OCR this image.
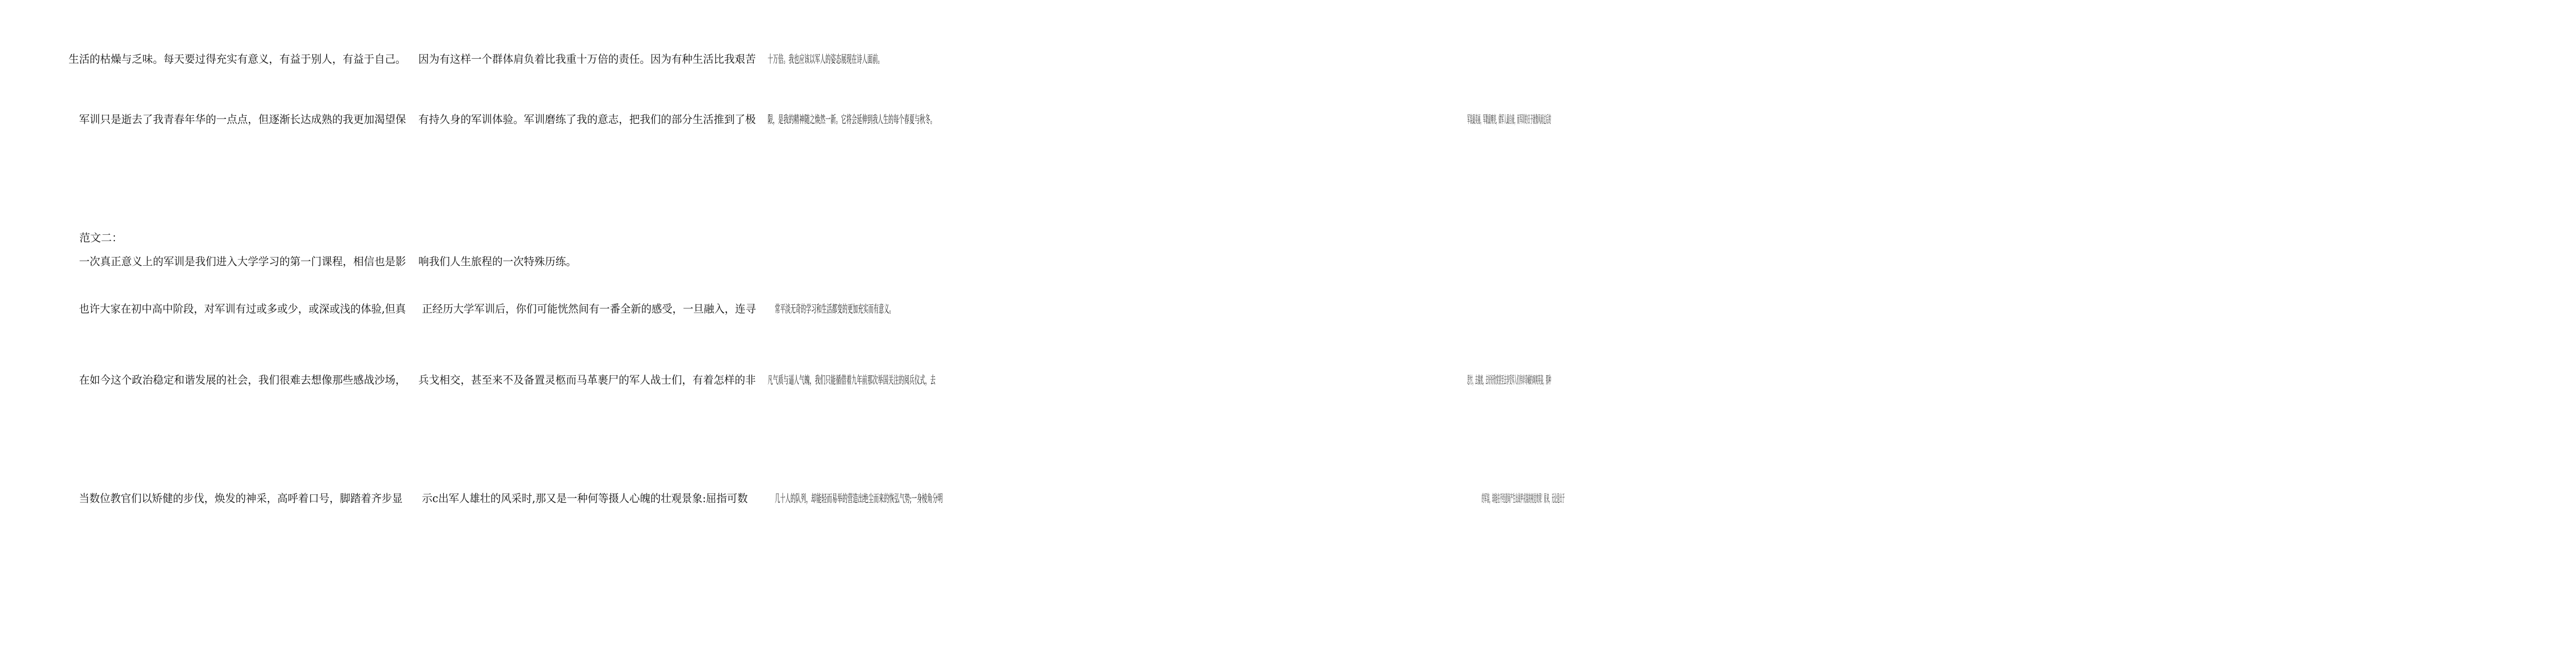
生活的枯燥与乏味。每天要过得充实有意义，有益于别人，有益于自己。 因为有这样一个群体肩负着比我重十万倍的责任。因为有种生活比我艰苦 十万倍。我也应该以军人的姿态展现在诗人面前。
　军训只是逝去了我青春年华的一点点，但逐渐长达成熟的我更加渴望保 有持久身的军训体验。军训磨练了我的意志，把我们的部分生活推到了极 限，是我的精神随之焕然一新。它将会延伸到我人生的每个春夏与秋冬。	军装最美丽，军歌最嘹亮，做军人最自豪，而军训的日子就像风雨过后的
　范文二：
　一次真正意义上的军训是我们进入大学学习的第一门课程，相信也是影 响我们人生旅程的一次特殊历练。
　也许大家在初中高中阶段，对军训有过或多或少，或深或浅的体验,但真 正经历大学军训后，你们可能恍然间有一番全新的感受，一旦融入，连寻 常平淡无奇的学习和生活都变的更加充实而有意义。
　在如今这个政治稳定和谐发展的社会，我们很难去想像那些感战沙场， 兵戈相交，甚至来不及备置灵柩而马革裹尸的军人战士们，有着怎样的非 凡气质与逼人气魄，我们只能循借着九年前那次举国关注的阅兵仪式，去	思忖，去揣度，去好好欣赏甚至去享受军人们伟岸奇崛的飒爽英姿，那种
　当数位教官们以矫健的步伐，焕发的神采，高呼着口号，脚踏着齐步显 示c出军人雄壮的风采时,那又是一种何等摄人心魄的壮观景象:屈指可数	几十人的队列，却能轻而易举的营造出绝尘而来的恢弘气势;一身棱角分明	的军装，却能在不经意间产生出战甲戎装的视觉效果！原来，无论是出于
